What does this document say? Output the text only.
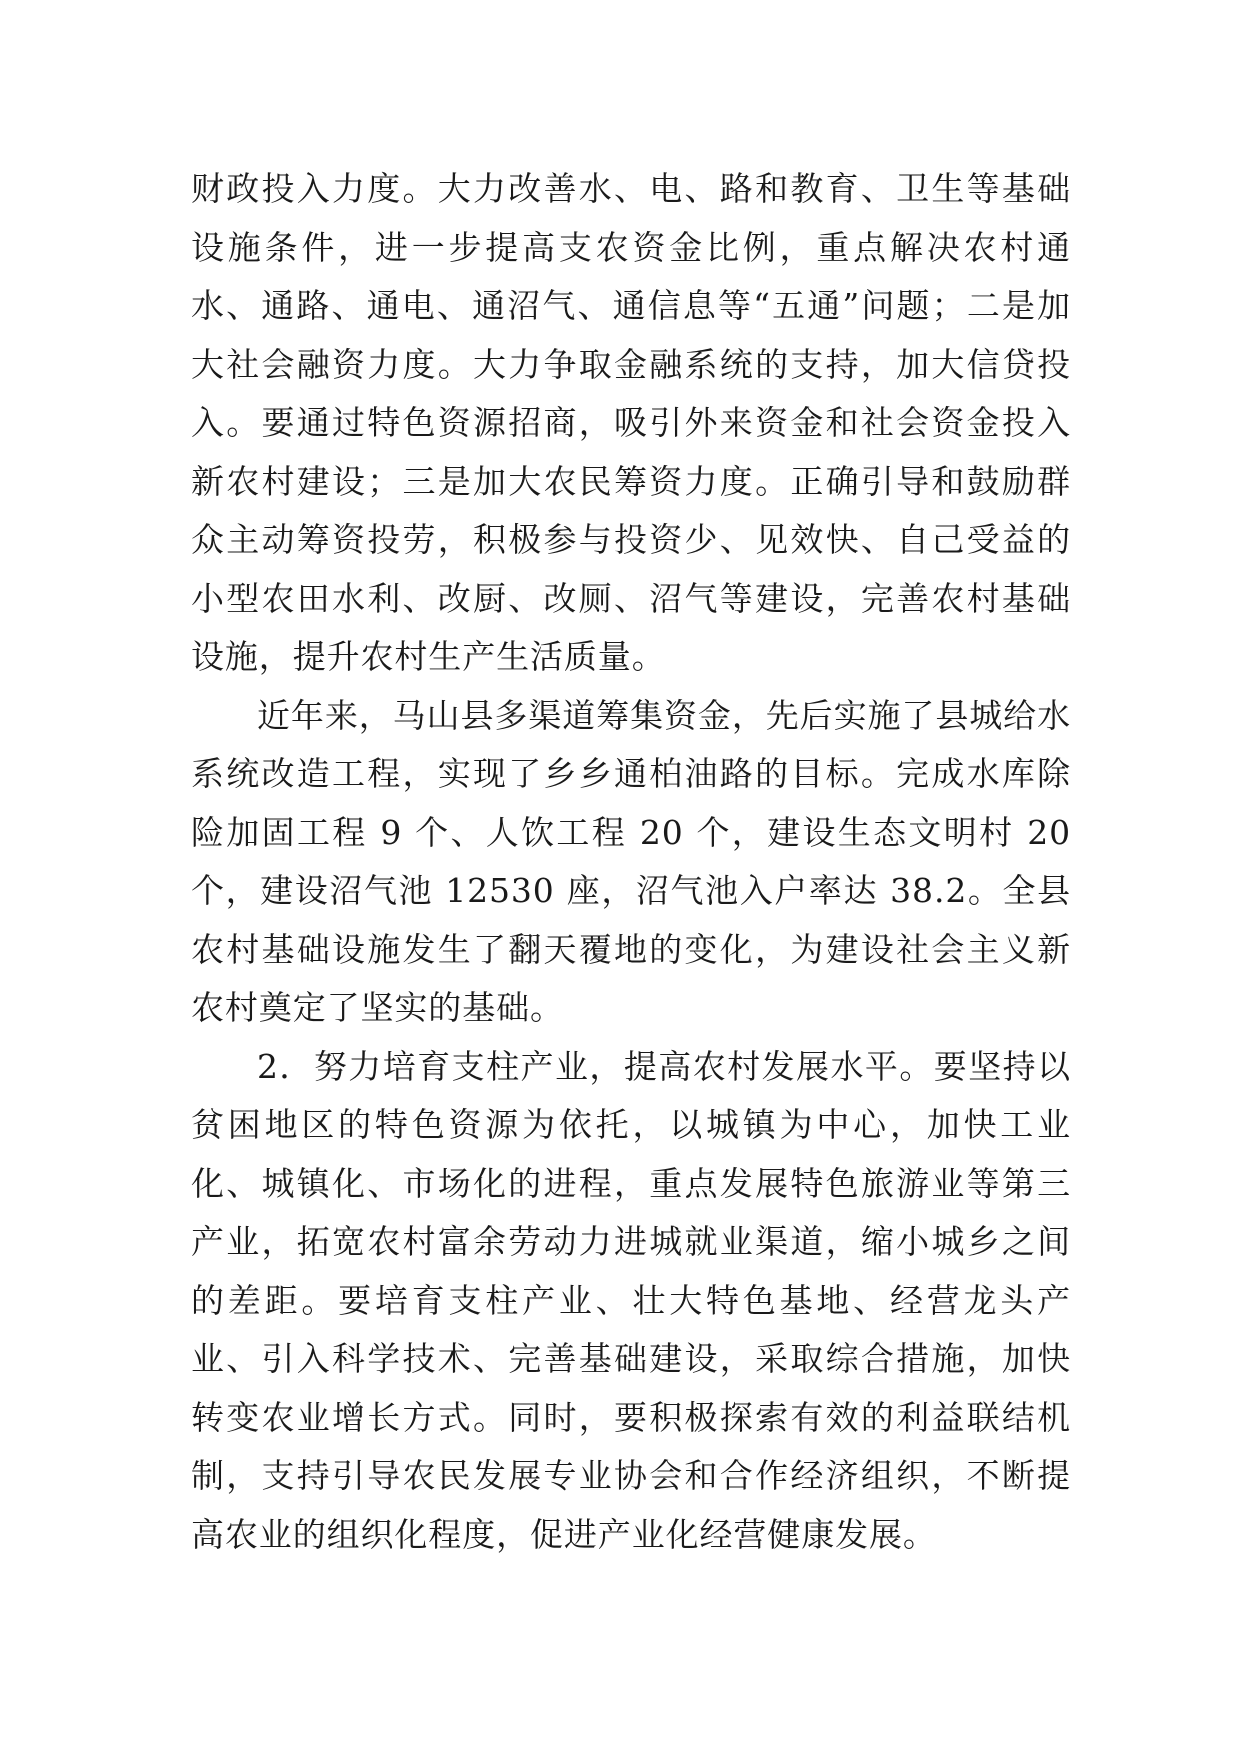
财政投入力度。大力改善水、电、路和教育、卫生等基础设施条件，进一步提高支农资金比例，重点解决农村通水、通路、通电、通沼气、通信息等“五通”问题；二是加大社会融资力度。大力争取金融系统的支持，加大信贷投入。要通过特色资源招商，吸引外来资金和社会资金投入新农村建设；三是加大农民筹资力度。正确引导和鼓励群众主动筹资投劳，积极参与投资少、见效快、自己受益的小型农田水利、改厨、改厕、沼气等建设，完善农村基础设施，提升农村生产生活质量。

近年来，马山县多渠道筹集资金，先后实施了县城给水系统改造工程，实现了乡乡通柏油路的目标。完成水库除险加固工程 9 个、人饮工程 20 个，建设生态文明村 20 个，建设沼气池 12530 座，沼气池入户率达 38.2。全县农村基础设施发生了翻天覆地的变化，为建设社会主义新农村奠定了坚实的基础。

2．努力培育支柱产业，提高农村发展水平。要坚持以贫困地区的特色资源为依托，以城镇为中心，加快工业化、城镇化、市场化的进程，重点发展特色旅游业等第三产业，拓宽农村富余劳动力进城就业渠道，缩小城乡之间的差距。要培育支柱产业、壮大特色基地、经营龙头产业、引入科学技术、完善基础建设，采取综合措施，加快转变农业增长方式。同时，要积极探索有效的利益联结机制，支持引导农民发展专业协会和合作经济组织，不断提高农业的组织化程度，促进产业化经营健康发展。
